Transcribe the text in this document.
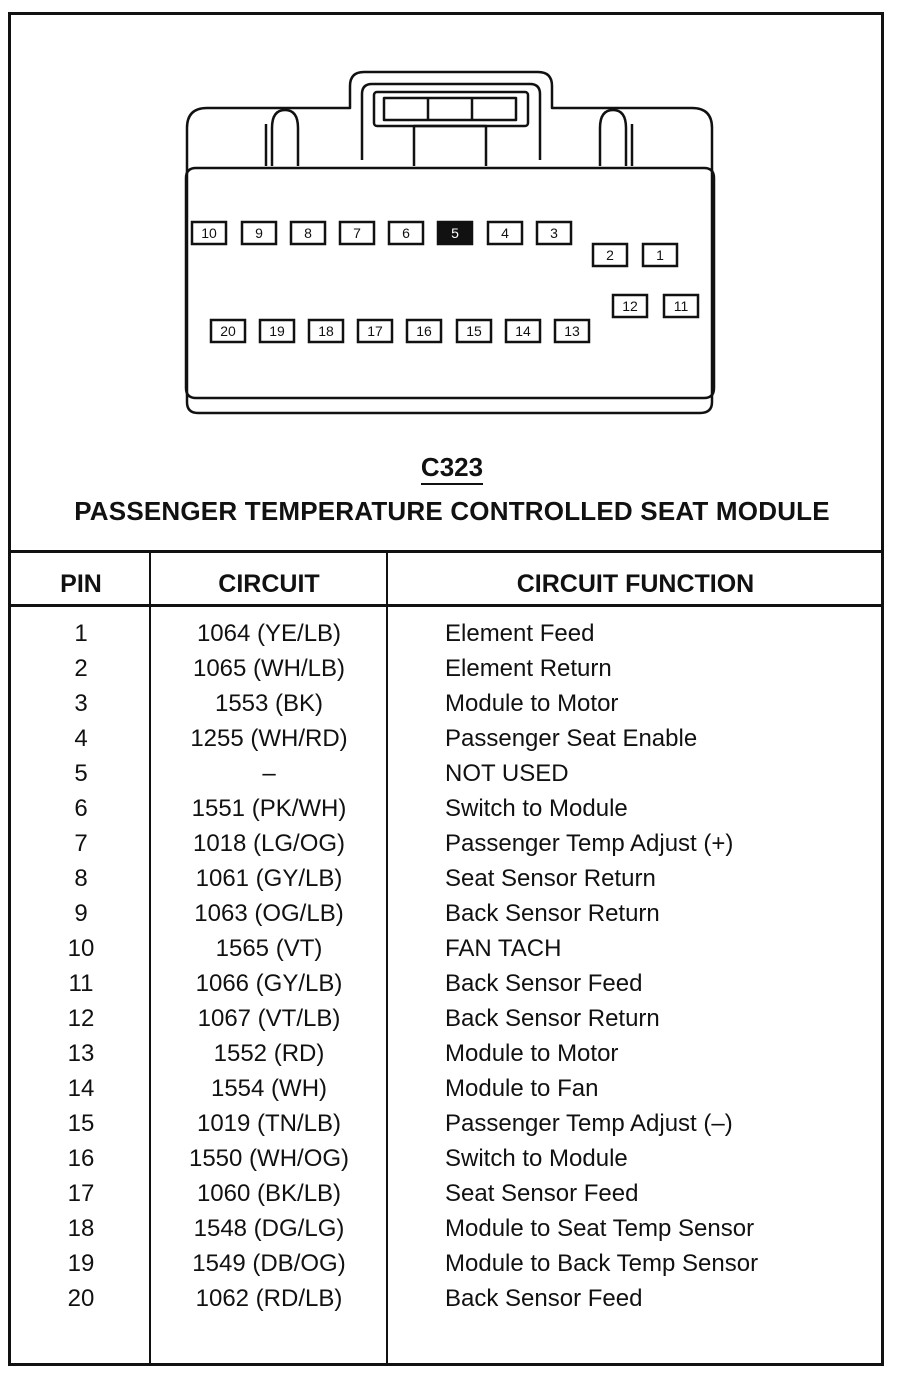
10	9	8	7	6	5	4	3
2	1
20 19 18 17 16 15 14 13
12	11
C323
PASSENGER TEMPERATURE CONTROLLED SEAT MODULE
PIN	CIRCUIT	CIRCUIT FUNCTION
1	1064 (YE/LB)	Element Feed
2	1065 (WH/LB)	Element Return
3	1553 (BK)	Module to Motor
4	1255 (WH/RD)	Passenger Seat Enable
5	–	NOT USED
6	1551 (PK/WH)	Switch to Module
7	1018 (LG/OG)	Passenger Temp Adjust (+)
8	1061 (GY/LB)	Seat Sensor Return
9	1063 (OG/LB)	Back Sensor Return
10	1565 (VT)	FAN TACH
11	1066 (GY/LB)	Back Sensor Feed
12	1067 (VT/LB)	Back Sensor Return
13	1552 (RD)	Module to Motor
14	1554 (WH)	Module to Fan
15	1019 (TN/LB)	Passenger Temp Adjust (–)
16	1550 (WH/OG)	Switch to Module
17	1060 (BK/LB)	Seat Sensor Feed
18	1548 (DG/LG)	Module to Seat Temp Sensor
19	1549 (DB/OG)	Module to Back Temp Sensor
20	1062 (RD/LB)	Back Sensor Feed
